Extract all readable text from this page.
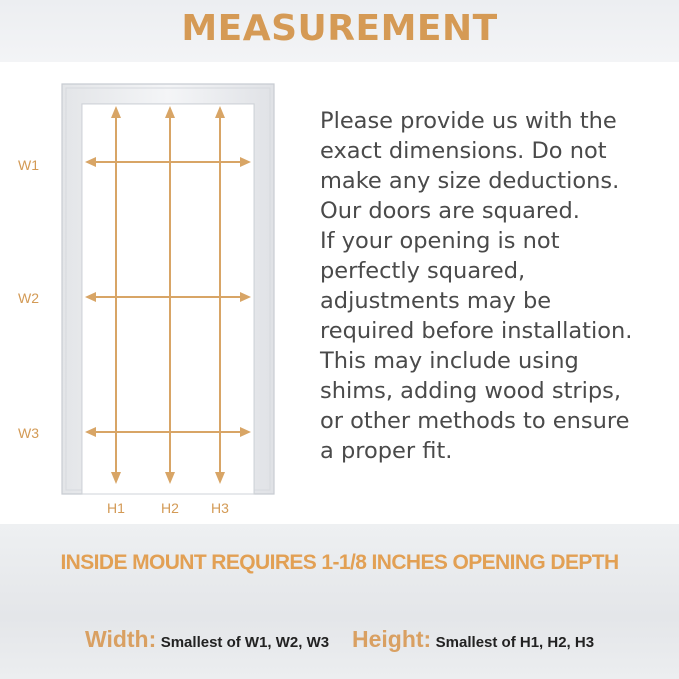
MEASUREMENT
W1
W2
W3
H1	H2 H3

Please provide us with the
exact dimensions. Do not
make any size deductions.
Our doors are squared.
If your opening is not
perfectly squared,
adjustments may be
required before installation.
This may include using
shims, adding wood strips,
or other methods to ensure
a proper fit.

INSIDE MOUNT REQUIRES 1-1/8 INCHES OPENING DEPTH
Width: Smallest of W1, W2, W3 Height: Smallest of H1, H2, H3
